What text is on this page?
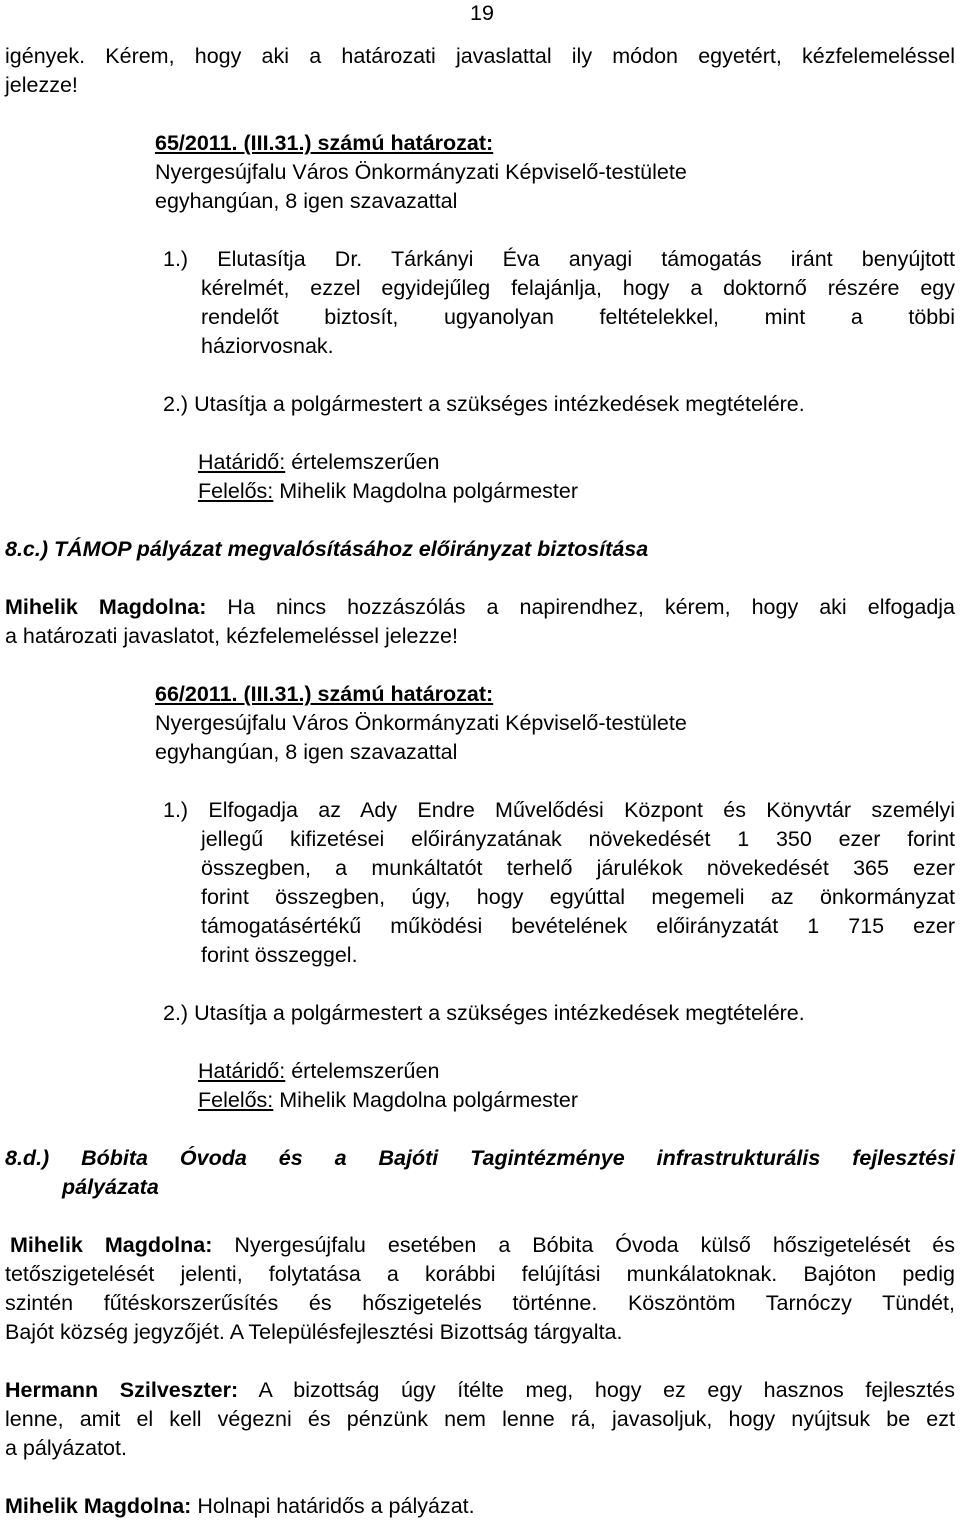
19
igények. Kérem, hogy aki a határozati javaslattal ily módon egyetért, kézfelemeléssel
jelezze!
65/2011. (III.31.) számú határozat:
Nyergesújfalu Város Önkormányzati Képviselő-testülete
egyhangúan, 8 igen szavazattal
1.) Elutasítja Dr. Tárkányi Éva anyagi támogatás iránt benyújtott
kérelmét, ezzel egyidejűleg felajánlja, hogy a doktornő részére egy
rendelőt biztosít, ugyanolyan feltételekkel, mint a többi
háziorvosnak.
2.) Utasítja a polgármestert a szükséges intézkedések megtételére.
Határidő: értelemszerűen
Felelős: Mihelik Magdolna polgármester
8.c.) TÁMOP pályázat megvalósításához előirányzat biztosítása
Mihelik Magdolna: Ha nincs hozzászólás a napirendhez, kérem, hogy aki elfogadja
a határozati javaslatot, kézfelemeléssel jelezze!
66/2011. (III.31.) számú határozat:
Nyergesújfalu Város Önkormányzati Képviselő-testülete
egyhangúan, 8 igen szavazattal
1.) Elfogadja az Ady Endre Művelődési Központ és Könyvtár személyi
jellegű kifizetései előirányzatának növekedését 1 350 ezer forint
összegben, a munkáltatót terhelő járulékok növekedését 365 ezer
forint összegben, úgy, hogy egyúttal megemeli az önkormányzat
támogatásértékű működési bevételének előirányzatát 1 715 ezer
forint összeggel.
2.) Utasítja a polgármestert a szükséges intézkedések megtételére.
Határidő: értelemszerűen
Felelős: Mihelik Magdolna polgármester
8.d.) Bóbita Óvoda és a Bajóti Tagintézménye infrastrukturális fejlesztési
pályázata
Mihelik Magdolna: Nyergesújfalu esetében a Bóbita Óvoda külső hőszigetelését és
tetőszigetelését jelenti, folytatása a korábbi felújítási munkálatoknak. Bajóton pedig
szintén fűtéskorszerűsítés és hőszigetelés történne. Köszöntöm Tarnóczy Tündét,
Bajót község jegyzőjét. A Településfejlesztési Bizottság tárgyalta.
Hermann Szilveszter: A bizottság úgy ítélte meg, hogy ez egy hasznos fejlesztés
lenne, amit el kell végezni és pénzünk nem lenne rá, javasoljuk, hogy nyújtsuk be ezt
a pályázatot.
Mihelik Magdolna: Holnapi határidős a pályázat.
